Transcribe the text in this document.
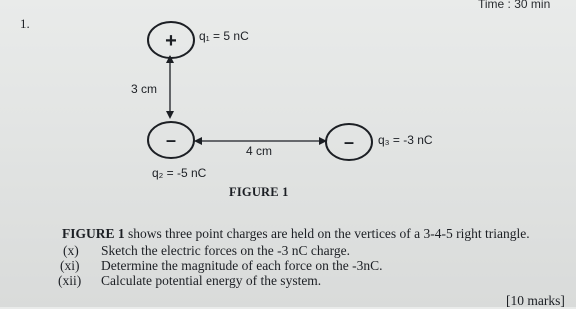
Time : 30 min
1.
+ q₁ = 5 nC
3 cm
–
q₂ = -5 nC
4 cm	– q₃ = -3 nC
FIGURE 1
FIGURE 1 shows three point charges are held on the vertices of a 3-4-5 right triangle.
(x) Sketch the electric forces on the -3 nC charge.
(xi) Determine the magnitude of each force on the -3nC.
(xii) Calculate potential energy of the system.
[10 marks]
